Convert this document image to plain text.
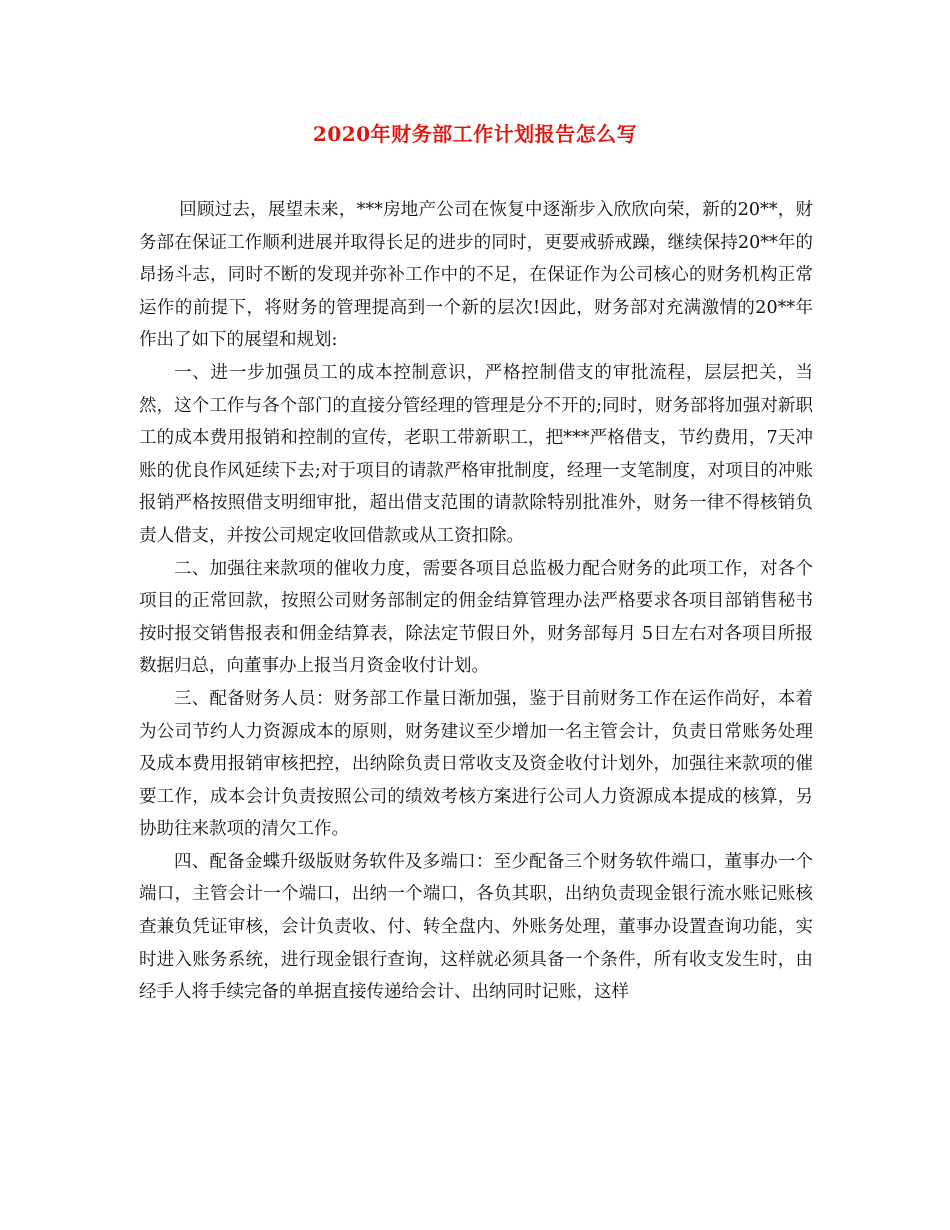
2020年财务部工作计划报告怎么写

回顾过去，展望未来，***房地产公司在恢复中逐渐步入欣欣向荣，新的20**，财务部在保证工作顺利进展并取得长足的进步的同时，更要戒骄戒躁，继续保持20**年的昂扬斗志，同时不断的发现并弥补工作中的不足，在保证作为公司核心的财务机构正常运作的前提下，将财务的管理提高到一个新的层次!因此，财务部对充满激情的20**年作出了如下的展望和规划:

一、进一步加强员工的成本控制意识，严格控制借支的审批流程，层层把关，当然，这个工作与各个部门的直接分管经理的管理是分不开的;同时，财务部将加强对新职工的成本费用报销和控制的宣传，老职工带新职工，把***严格借支，节约费用，7天冲账的优良作风延续下去;对于项目的请款严格审批制度，经理一支笔制度，对项目的冲账报销严格按照借支明细审批，超出借支范围的请款除特别批准外，财务一律不得核销负责人借支，并按公司规定收回借款或从工资扣除。

二、加强往来款项的催收力度，需要各项目总监极力配合财务的此项工作，对各个项目的正常回款，按照公司财务部制定的佣金结算管理办法严格要求各项目部销售秘书按时报交销售报表和佣金结算表，除法定节假日外，财务部每月 5日左右对各项目所报数据归总，向董事办上报当月资金收付计划。

三、配备财务人员：财务部工作量日渐加强，鉴于目前财务工作在运作尚好，本着为公司节约人力资源成本的原则，财务建议至少增加一名主管会计，负责日常账务处理及成本费用报销审核把控，出纳除负责日常收支及资金收付计划外，加强往来款项的催要工作，成本会计负责按照公司的绩效考核方案进行公司人力资源成本提成的核算，另协助往来款项的清欠工作。

四、配备金蝶升级版财务软件及多端口：至少配备三个财务软件端口，董事办一个端口，主管会计一个端口，出纳一个端口，各负其职，出纳负责现金银行流水账记账核查兼负凭证审核，会计负责收、付、转全盘内、外账务处理，董事办设置查询功能，实时进入账务系统，进行现金银行查询，这样就必须具备一个条件，所有收支发生时，由经手人将手续完备的单据直接传递给会计、出纳同时记账，这样
